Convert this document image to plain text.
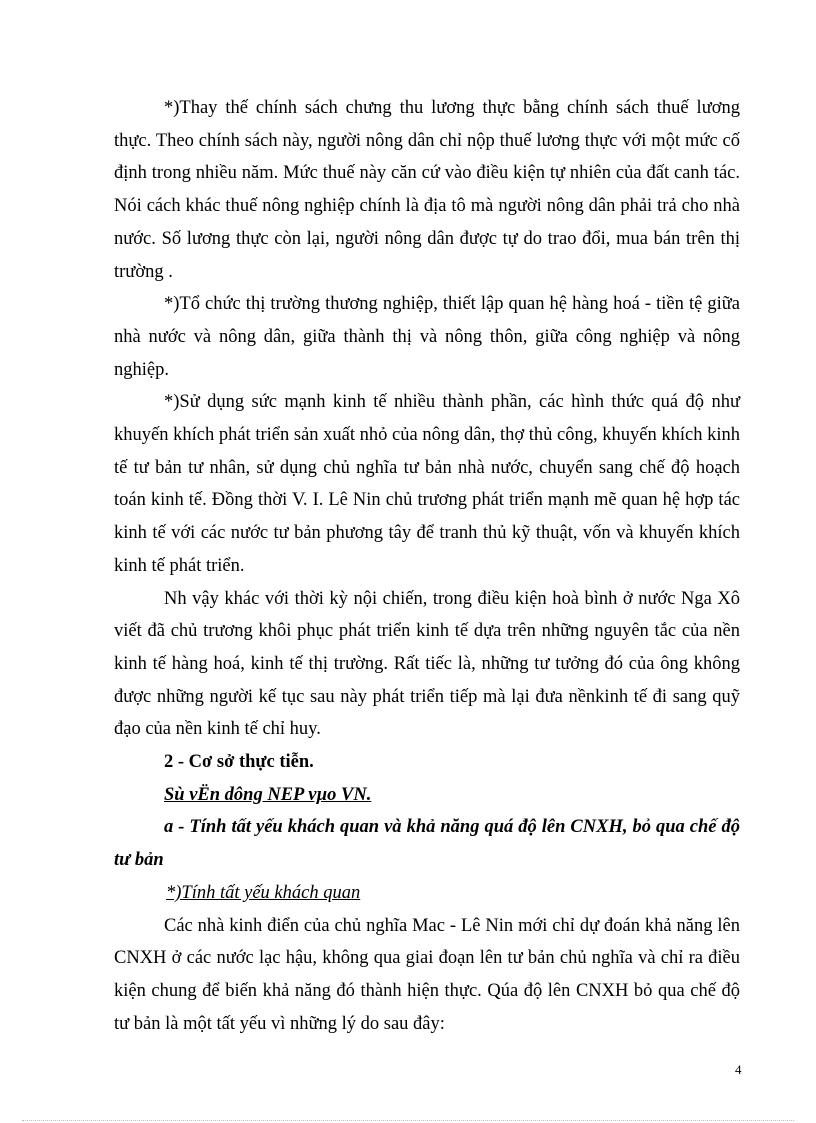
*)Thay thế chính sách chưng thu lương thực bằng chính sách thuế lương thực. Theo chính sách này, người nông dân chỉ nộp thuế lương thực với một mức cố định trong nhiều năm. Mức thuế này căn cứ vào điều kiện tự nhiên của đất canh tác. Nói cách khác thuế nông nghiệp chính là địa tô mà người nông dân phải trả cho nhà nước. Số lương thực còn lại, người nông dân được tự do trao đổi, mua bán trên thị trường .

*)Tổ chức thị trường thương nghiệp, thiết lập quan hệ hàng hoá - tiền tệ giữa nhà nước và nông dân, giữa thành thị và nông thôn, giữa công nghiệp và nông nghiệp.

*)Sử dụng sức mạnh kinh tế nhiều thành phần, các hình thức quá độ như khuyến khích phát triển sản xuất nhỏ của nông dân, thợ thủ công, khuyến khích kinh tế tư bản tư nhân, sử dụng chủ nghĩa tư bản nhà nước, chuyển sang chế độ hoạch toán kinh tế. Đồng thời V. I. Lê Nin chủ trương phát triển mạnh mẽ quan hệ hợp tác kinh tế với các nước tư bản phương tây để tranh thủ kỹ thuật, vốn và khuyến khích kinh tế phát triển.

Nh vậy khác với thời kỳ nội chiến, trong điều kiện hoà bình ở nước Nga Xô viết đã chủ trương khôi phục phát triển kinh tế dựa trên những nguyên tắc của nền kinh tế hàng hoá, kinh tế thị trường. Rất tiếc là, những tư tưởng đó của ông không được những người kế tục sau này phát triển tiếp mà lại đưa nềnkinh tế đi sang quỹ đạo của nền kinh tế chỉ huy.

2 - Cơ sở thực tiễn.

Sù vËn dông NEP vµo VN.

a - Tính tất yếu khách quan và khả năng quá độ lên CNXH, bỏ qua chế độ tư bản

*)Tính tất yếu khách quan

Các nhà kinh điển của chủ nghĩa Mac - Lê Nin mới chỉ dự đoán khả năng lên CNXH ở các nước lạc hậu, không qua giai đoạn lên tư bản chủ nghĩa và chỉ ra điều kiện chung để biến khả năng đó thành hiện thực. Qúa độ lên CNXH bỏ qua chế độ tư bản là một tất yếu vì những lý do sau đây:

4
